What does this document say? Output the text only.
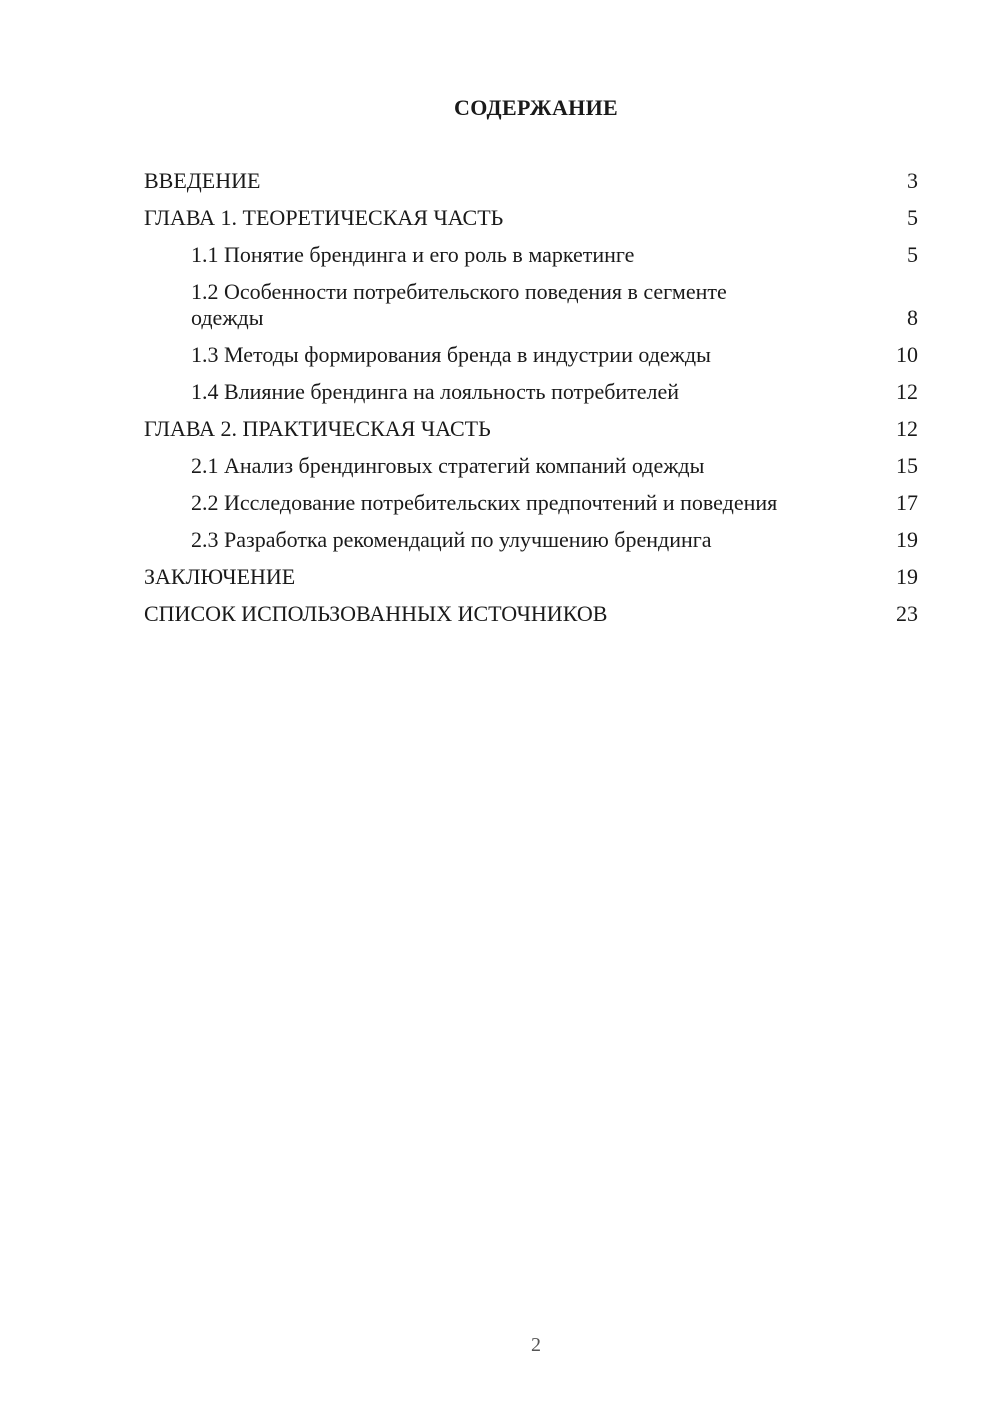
СОДЕРЖАНИЕ
ВВЕДЕНИЕ	3
ГЛАВА 1. ТЕОРЕТИЧЕСКАЯ ЧАСТЬ	5
1.1 Понятие брендинга и его роль в маркетинге	5
1.2 Особенности потребительского поведения в сегменте одежды	8
1.3 Методы формирования бренда в индустрии одежды	10
1.4 Влияние брендинга на лояльность потребителей	12
ГЛАВА 2. ПРАКТИЧЕСКАЯ ЧАСТЬ	12
2.1 Анализ брендинговых стратегий компаний одежды	15
2.2 Исследование потребительских предпочтений и поведения	17
2.3 Разработка рекомендаций по улучшению брендинга	19
ЗАКЛЮЧЕНИЕ	19
СПИСОК ИСПОЛЬЗОВАННЫХ ИСТОЧНИКОВ	23
2
